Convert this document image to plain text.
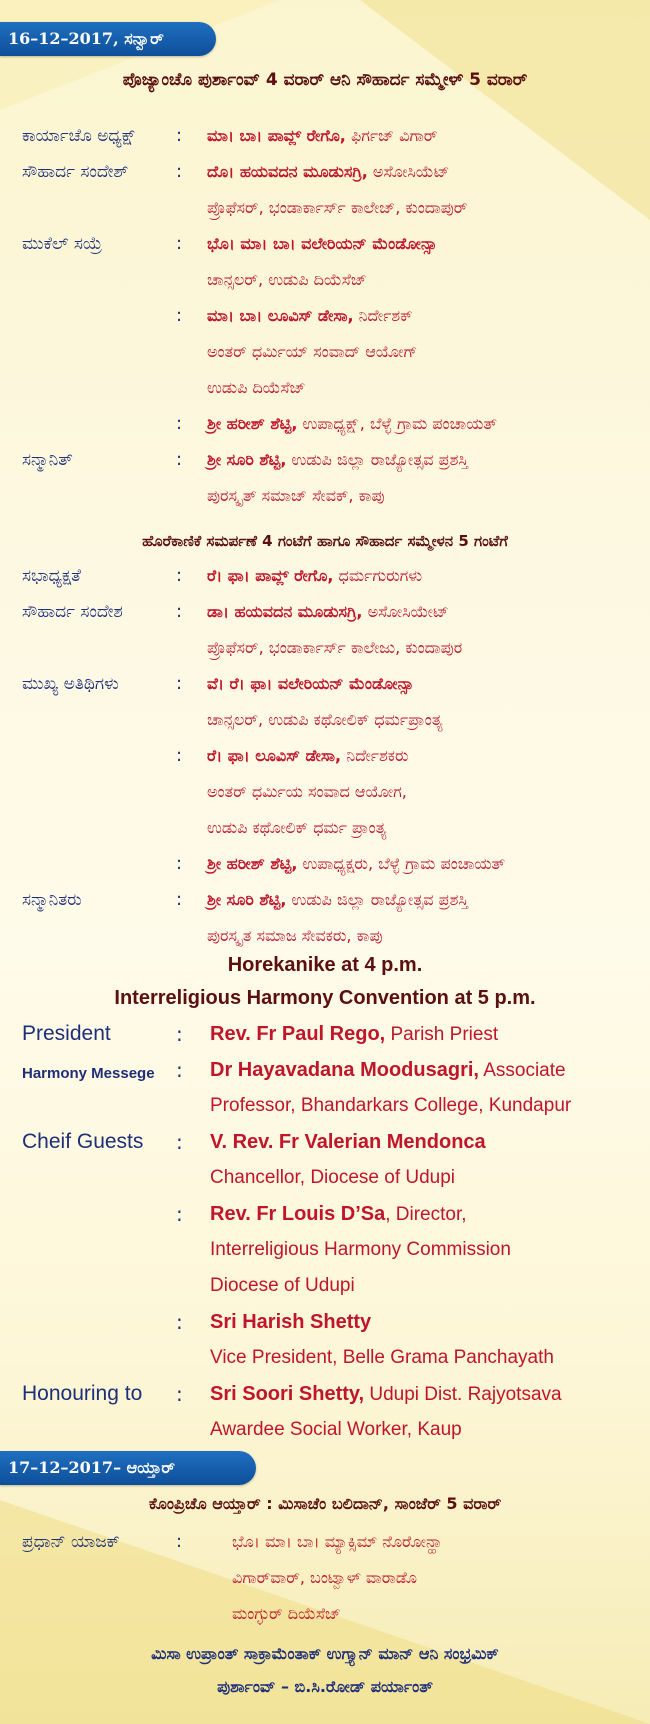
16–12–2017, ಸನ್ವಾರ್
ಪೊಜ್ಯಾಂಚೊ ಪುರ್ಶಾಂವ್ 4 ವರಾರ್ ಆನಿ ಸೌಹಾರ್ದ ಸಮ್ಮೇಳ್ 5 ವರಾರ್
ಕಾರ್ಯಾಚೊ ಅಧ್ಯಕ್ಷ್ : ಮಾ। ಬಾ। ಪಾವ್ಲ್ ರೇಗೊ, ಫಿರ್ಗಜ್ ವಿಗಾರ್
ಸೌಹಾರ್ದ ಸಂದೇಶ್	: ದೊ। ಹಯವದನ ಮೂಡುಸಗ್ರಿ, ಅಸೋಸಿಯೆಟ್
ಪ್ರೊಫೆಸರ್, ಭಂಡಾರ್ಕಾರ್ಸ್ ಕಾಲೇಜ್, ಕುಂದಾಪುರ್
ಮುಕೆಲ್ ಸಯ್ರೆ	: ಭೊ। ಮಾ। ಬಾ। ವಲೇರಿಯನ್ ಮೆಂಡೋನ್ಸಾ
ಚಾನ್ಸಲರ್, ಉಡುಪಿ ದಿಯೆಸೆಜ್
: ಮಾ। ಬಾ। ಲೂವಿಸ್ ಡೇಸಾ, ನಿರ್ದೇಶಕ್
ಅಂತರ್ ಧರ್ಮಿಯ್ ಸಂವಾದ್ ಆಯೋಗ್
ಉಡುಪಿ ದಿಯೆಸೆಜ್
: ಶ್ರೀ ಹರೀಶ್ ಶೆಟ್ಟಿ, ಉಪಾಧ್ಯಕ್ಷ್, ಬೆಳ್ಳೆ ಗ್ರಾಮ ಪಂಚಾಯತ್
ಸನ್ಮಾನಿತ್	: ಶ್ರೀ ಸೂರಿ ಶೆಟ್ಟಿ, ಉಡುಪಿ ಜಿಲ್ಲಾ ರಾಜ್ಯೋತ್ಸವ ಪ್ರಶಸ್ತಿ
ಪುರಸ್ಕೃತ್ ಸಮಾಜ್ ಸೇವಕ್, ಕಾಪು
ಹೊರೆಕಾಣಿಕೆ ಸಮರ್ಪಣೆ 4 ಗಂಟೆಗೆ ಹಾಗೂ ಸೌಹಾರ್ದ ಸಮ್ಮೇಳನ 5 ಗಂಟೆಗೆ
ಸಭಾಧ್ಯಕ್ಷತೆ	: ರೆ। ಫಾ। ಪಾವ್ಲ್ ರೇಗೊ, ಧರ್ಮಗುರುಗಳು
ಸೌಹಾರ್ದ ಸಂದೇಶ	: ಡಾ। ಹಯವದನ ಮೂಡುಸಗ್ರಿ, ಅಸೋಸಿಯೇಟ್
ಪ್ರೊಫೆಸರ್, ಭಂಡಾರ್ಕಾರ್ಸ್ ಕಾಲೇಜು, ಕುಂದಾಪುರ
ಮುಖ್ಯ ಅತಿಥಿಗಳು	: ವೆ। ರೆ। ಫಾ। ವಲೇರಿಯನ್ ಮೆಂಡೋನ್ಸಾ
ಚಾನ್ಸಲರ್, ಉಡುಪಿ ಕಥೋಲಿಕ್ ಧರ್ಮಪ್ರಾಂತ್ಯ
: ರೆ। ಫಾ। ಲೂವಿಸ್ ಡೇಸಾ, ನಿರ್ದೇಶಕರು
ಅಂತರ್ ಧರ್ಮಿಯ ಸಂವಾದ ಆಯೋಗ,
ಉಡುಪಿ ಕಥೋಲಿಕ್ ಧರ್ಮ ಪ್ರಾಂತ್ಯ
: ಶ್ರೀ ಹರೀಶ್ ಶೆಟ್ಟಿ, ಉಪಾಧ್ಯಕ್ಷರು, ಬೆಳ್ಳೆ ಗ್ರಾಮ ಪಂಚಾಯತ್
ಸನ್ಮಾನಿತರು	: ಶ್ರೀ ಸೂರಿ ಶೆಟ್ಟಿ, ಉಡುಪಿ ಜಿಲ್ಲಾ ರಾಜ್ಯೋತ್ಸವ ಪ್ರಶಸ್ತಿ
ಪುರಸ್ಕೃತ ಸಮಾಜ ಸೇವಕರು, ಕಾಪು
Horekanike at 4 p.m.
Interreligious Harmony Convention at 5 p.m.
President	: Rev. Fr Paul Rego, Parish Priest
Harmony Messege : Dr Hayavadana Moodusagri, Associate
Professor, Bhandarkars College, Kundapur
Cheif Guests : V. Rev. Fr Valerian Mendonca
Chancellor, Diocese of Udupi
: Rev. Fr Louis D’Sa, Director,
Interreligious Harmony Commission
Diocese of Udupi
: Sri Harish Shetty
Vice President, Belle Grama Panchayath
Honouring to : Sri Soori Shetty, Udupi Dist. Rajyotsava
Awardee Social Worker, Kaup
17–12–2017– ಆಯ್ತಾರ್
ಕೊಂಪ್ರಿಚೊ ಆಯ್ತಾರ್ : ಮಿಸಾಚೆಂ ಬಲಿದಾನ್, ಸಾಂಜೆರ್ 5 ವರಾರ್
ಪ್ರಧಾನ್ ಯಾಜಕ್	:	ಭೊ। ಮಾ। ಬಾ। ಮ್ಯಾಕ್ಸಿಮ್ ನೊರೋನ್ಹಾ
ವಿಗಾರ್‌ವಾರ್, ಬಂಟ್ವಾಳ್ ವಾರಾಡೊ
ಮಂಗ್ಳುರ್ ದಿಯೆಸೆಜ್
ಮಿಸಾ ಉಪ್ರಾಂತ್ ಸಾಕ್ರಾಮೆಂತಾಕ್ ಉಗ್ತ್ಯಾನ್ ಮಾನ್ ಆನಿ ಸಂಭ್ರಮಿಕ್
ಪುರ್ಶಾಂವ್ – ಬಿ.ಸಿ.ರೋಡ್ ಪರ್ಯಾಂತ್
